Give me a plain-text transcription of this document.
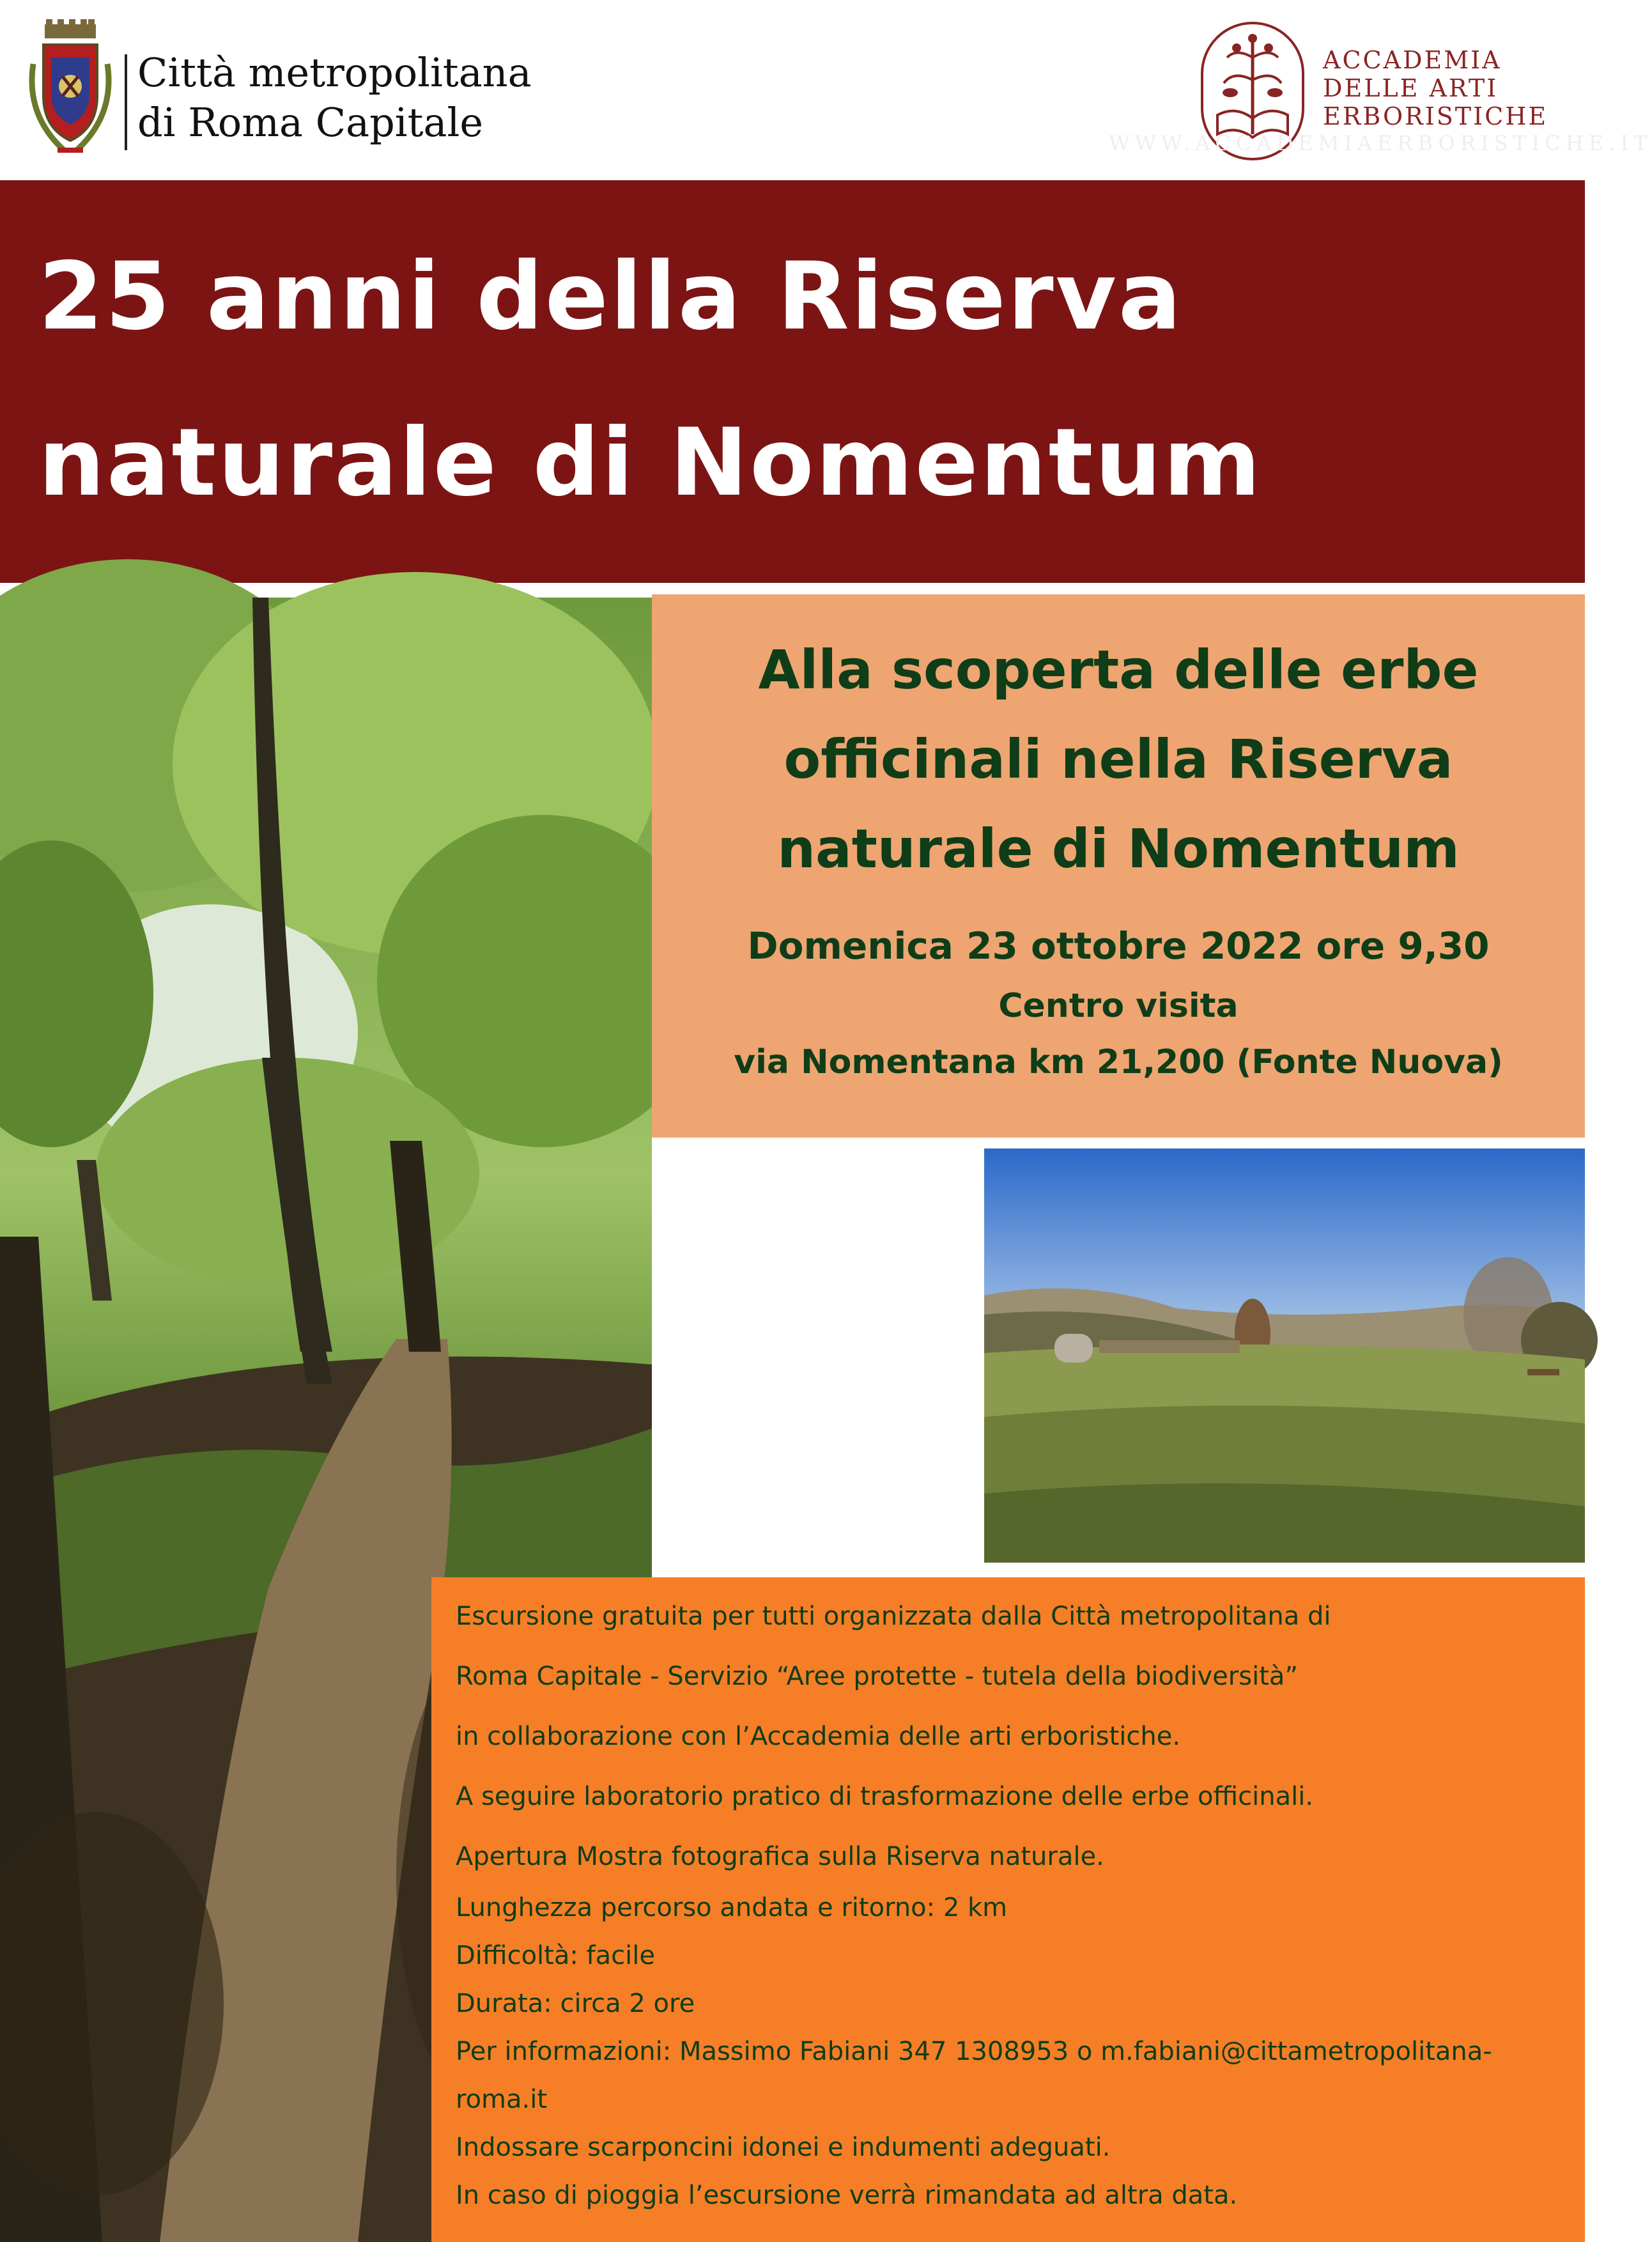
Città metropolitana
di Roma Capitale
ACCADEMIA
DELLE ARTI
ERBORISTICHE
WWW.ACCADEMIAERBORISTICHE.IT
25 anni della Riserva
naturale di Nomentum
Alla scoperta delle erbe
officinali nella Riserva
naturale di Nomentum
Domenica 23 ottobre 2022 ore 9,30
Centro visita
via Nomentana km 21,200 (Fonte Nuova)
Escursione gratuita per tutti organizzata dalla Città metropolitana di
Roma Capitale - Servizio “Aree protette - tutela della biodiversità”
in collaborazione con l’Accademia delle arti erboristiche.
A seguire laboratorio pratico di trasformazione delle erbe officinali.
Apertura Mostra fotografica sulla Riserva naturale.
Lunghezza percorso andata e ritorno: 2 km
Difficoltà: facile
Durata: circa 2 ore
Per informazioni: Massimo Fabiani 347 1308953 o m.fabiani@cittametropolitana-
roma.it
Indossare scarponcini idonei e indumenti adeguati.
In caso di pioggia l’escursione verrà rimandata ad altra data.
